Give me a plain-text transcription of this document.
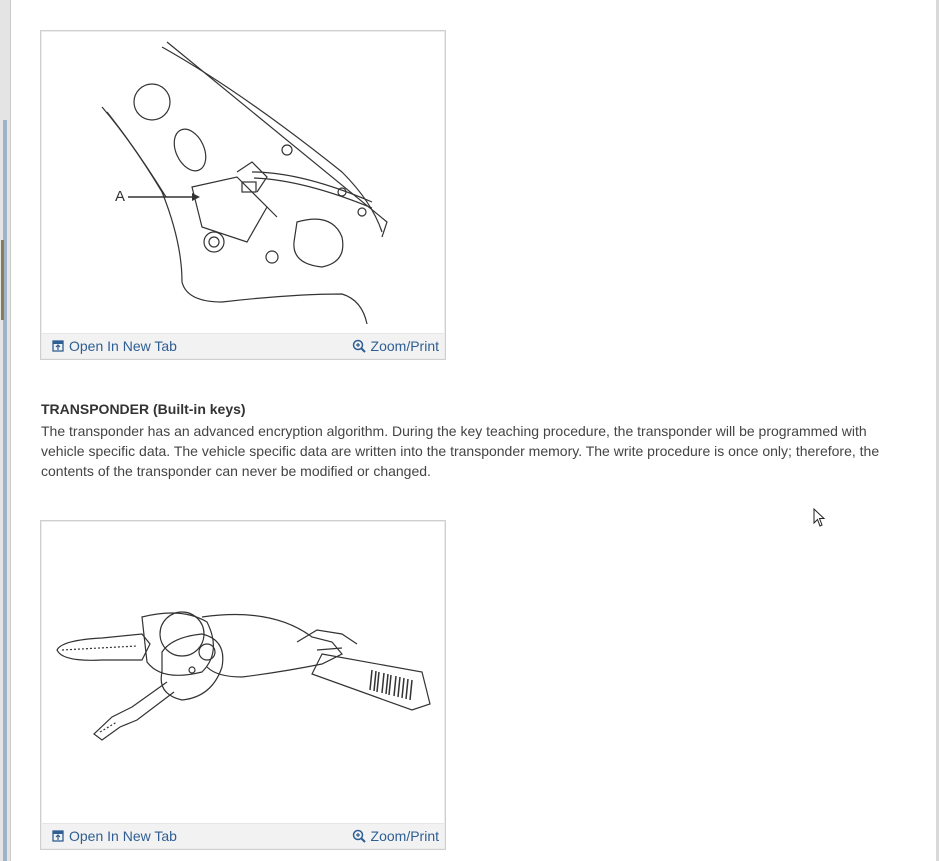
A
Open In New Tab	Zoom/Print
TRANSPONDER (Built-in keys)
The transponder has an advanced encryption algorithm. During the key teaching procedure, the transponder will be programmed with vehicle specific data. The vehicle specific data are written into the transponder memory. The write procedure is once only; therefore, the contents of the transponder can never be modified or changed.
Open In New Tab	Zoom/Print
